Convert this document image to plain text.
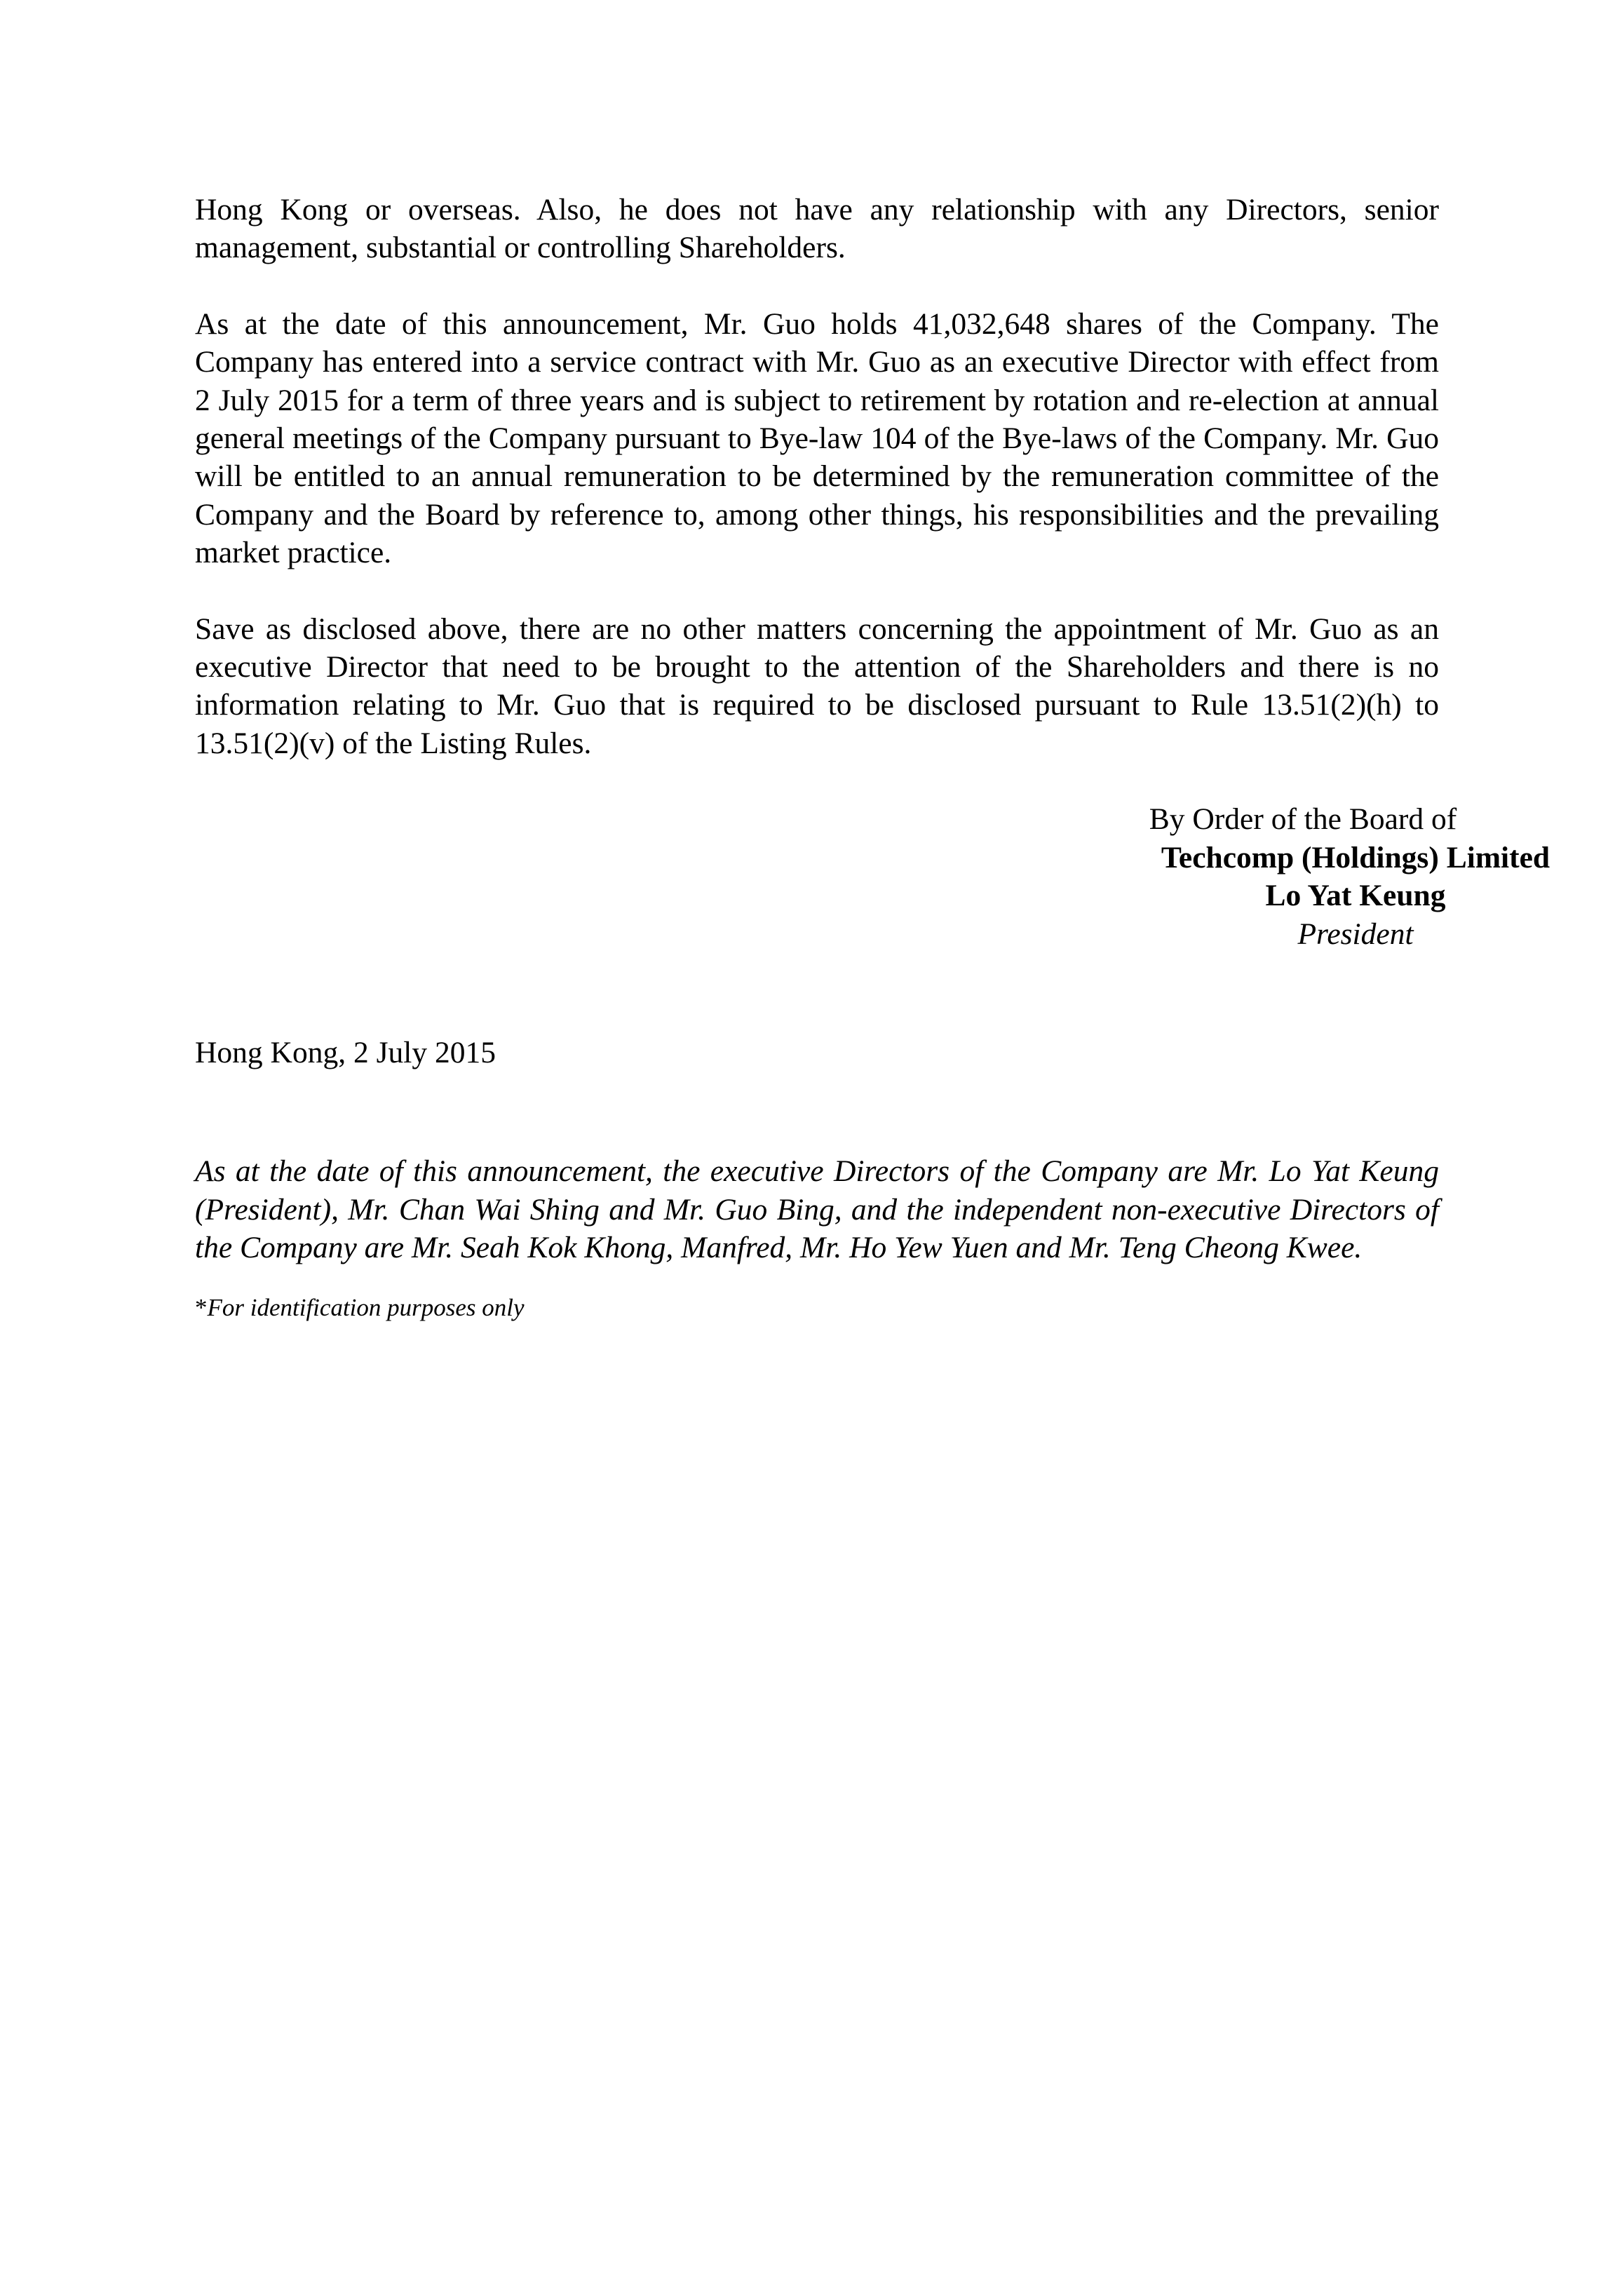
Hong Kong or overseas. Also, he does not have any relationship with any Directors, senior management, substantial or controlling Shareholders.

As at the date of this announcement, Mr. Guo holds 41,032,648 shares of the Company. The Company has entered into a service contract with Mr. Guo as an executive Director with effect from 2 July 2015 for a term of three years and is subject to retirement by rotation and re-election at annual general meetings of the Company pursuant to Bye-law 104 of the Bye-laws of the Company. Mr. Guo will be entitled to an annual remuneration to be determined by the remuneration committee of the Company and the Board by reference to, among other things, his responsibilities and the prevailing market practice.

Save as disclosed above, there are no other matters concerning the appointment of Mr. Guo as an executive Director that need to be brought to the attention of the Shareholders and there is no information relating to Mr. Guo that is required to be disclosed pursuant to Rule 13.51(2)(h) to 13.51(2)(v) of the Listing Rules.

By Order of the Board of
Techcomp (Holdings) Limited
Lo Yat Keung
President

Hong Kong, 2 July 2015

As at the date of this announcement, the executive Directors of the Company are Mr. Lo Yat Keung (President), Mr. Chan Wai Shing and Mr. Guo Bing, and the independent non-executive Directors of the Company are Mr. Seah Kok Khong, Manfred, Mr. Ho Yew Yuen and Mr. Teng Cheong Kwee.

*For identification purposes only
